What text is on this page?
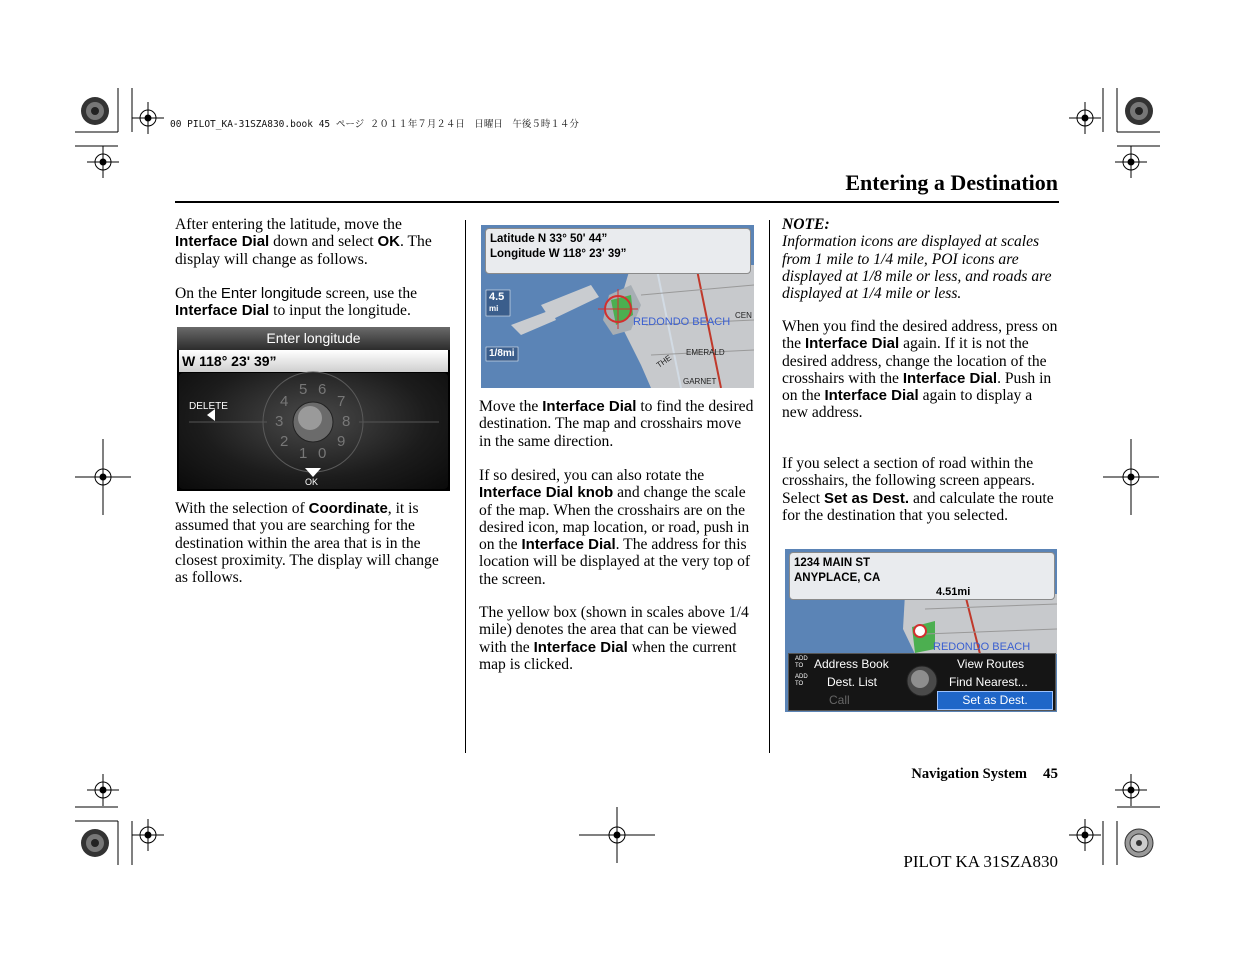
00 PILOT_KA-31SZA830.book 45 ページ ２０１１年７月２４日　日曜日　午後５時１４分
Entering a Destination

After entering the latitude, move the Interface Dial down and select OK. The display will change as follows.

On the Enter longitude screen, use the Interface Dial to input the longitude.

Enter longitude
W 118° 23' 39”
DELETE
OK
5 6
7
8
9
0
1
2
3
4

With the selection of Coordinate, it is assumed that you are searching for the destination within the area that is in the closest proximity. The display will change as follows.

Latitude N 33° 50' 44”
Longitude W 118° 23' 39”
4.5
mi
1/8mi
REDONDO BEACH
EMERALD
GARNET
THE
CEN

Move the Interface Dial to find the desired destination. The map and crosshairs move in the same direction.

If so desired, you can also rotate the Interface Dial knob and change the scale of the map. When the crosshairs are on the desired icon, map location, or road, push in on the Interface Dial. The address for this location will be displayed at the very top of the screen.

The yellow box (shown in scales above 1/4 mile) denotes the area that can be viewed with the Interface Dial when the current map is clicked.

NOTE:

Information icons are displayed at scales from 1 mile to 1/4 mile, POI icons are displayed at 1/8 mile or less, and roads are displayed at 1/4 mile or less.

When you find the desired address, press on the Interface Dial again. If it is not the desired address, change the location of the crosshairs with the Interface Dial. Push in on the Interface Dial again to display a new address.

If you select a section of road within the crosshairs, the following screen appears. Select Set as Dest. and calculate the route for the destination that you selected.

1234 MAIN ST
ANYPLACE, CA
4.51mi
REDONDO BEACH
ADD TO Address Book
ADD TO	Dest. List
Call
View Routes
Find Nearest...
Set as Dest.
Navigation System 45
PILOT KA 31SZA830
